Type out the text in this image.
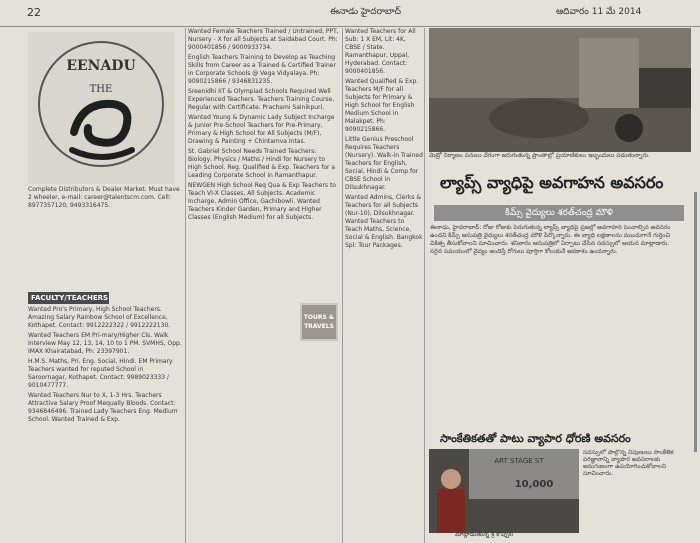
22	ఈనాడు హైదరాబాద్	ఆదివారం 11 మే 2014
EENADU
THE

Complete Distributors & Dealer Market. Must have 2 wheeler, e-mail: career@talentscm.com. Cell: 8977357120, 9493316475.

FACULTY/TEACHERS

Wanted Pro's Primary, High School Teachers. Amazing Salary Rainbow School of Excellence, Kothapet. Contact: 9912222322 / 9912222130.

Wanted Teachers EM Pri-mary/Higher Cls. Walk Interview May 12, 13, 14, 10 to 1 PM. SVMHS, Opp. IMAX Khairatabad, Ph: 23397901.

H.M.S. Maths, Pri. Eng. Social, Hindi. EM Primary Teachers wanted for reputed School in Saroornagar, Kothapet. Contact: 9989023333 / 9010477777.

Wanted Teachers Nur to X, 1-3 Hrs. Teachers Attractive Salary Proof Mequally Bloods. Contact: 9346846496. Trained Lady Teachers Eng. Medium School. Wanted Trained & Exp.

Wanted Female Teachers Trained / Untrained, PPT, Nursery - X for all Subjects at Saidabad Court. Ph: 9000401856 / 9000933734.

English Teachers Training to Develop as Teaching Skills from Career as a Trained & Certified Trainer in Corporate Schools @ Vega Vidyalaya. Ph: 9090215866 / 9346831235.

Sreenidhi IIT & Olympiad Schools Required Well Experienced Teachers. Teachers Training Course, Regular with Certificate. Prachami Sainikpuri.

Wanted Young & Dynamic Lady Subject Incharge & Junior Pre-School Teachers for Pre-Primary, Primary & High School for All Subjects (M/F), Drawing & Painting + Chintamva Intas.

St. Gabriel School Needs Trained Teachers: Biology, Physics / Maths / Hindi for Nursery to High School. Reg. Qualified & Exp. Teachers for a Leading Corporate School in Ramanthapur.

NEWGEN High School Req Qua & Exp Teachers to Teach VI-X Classes, All Subjects. Academic Incharge, Admin Office, Gachibowli. Wanted Teachers Kinder Garden, Primary and Higher Classes (English Medium) for all Subjects.

TOURS &
TRAVELS

Wanted Teachers for All Sub: 1 X EM, Lit: 4K, CBSE / State. Ramanthapur, Uppal, Hyderabad. Contact: 9000401856.

Wanted Qualified & Exp. Teachers M/F for all Subjects for Primary & High School for English Medium School in Malakpet. Ph: 9090215866.

Little Genius Preschool Requires Teachers (Nursery). Walk-in Trained Teachers for English, Social, Hindi & Comp for CBSE School in Dilsukhnagar.

Wanted Admins, Clerks & Teachers for all Subjects (Nur-10), Dilsukhnagar. Wanted Teachers to Teach Maths, Science, Social & English. Bangkok Spl: Tour Packages.

మెట్రో నిర్మాణం పనులు వేగంగా జరుగుతున్న ప్రాంతాల్లో ప్రయాణికులు ఇబ్బందులు పడుతున్నారు.
ల్యాప్స్ వ్యాధిపై అవగాహన అవసరం
కిమ్స్ వైద్యులు శరత్‌చంద్ర మౌళి
ఈనాడు, హైదరాబాద్: రోజు రోజుకు పెరుగుతున్న ల్యాప్స్ వ్యాధిపై ప్రజల్లో అవగాహన పెంచాల్సిన అవసరం ఉందని కిమ్స్ ఆసుపత్రి వైద్యులు శరత్‌చంద్ర మౌళి పేర్కొన్నారు. ఈ వ్యాధి లక్షణాలను ముందుగానే గుర్తించి చికిత్స తీసుకోవాలని సూచించారు. శనివారం ఆసుపత్రిలో ఏర్పాటు చేసిన సదస్సులో ఆయన మాట్లాడారు. సరైన సమయంలో వైద్యం అందిస్తే రోగులు పూర్తిగా కోలుకునే అవకాశం ఉందన్నారు.
సాంకేతికతతో పాటు వ్యాపార ధోరణి అవసరం
ART STAGE ST
10,000
మాట్లాడుతున్న శ్రీ కొప్పుల
సదస్సులో పాల్గొన్న నిపుణులు సాంకేతిక పరిజ్ఞానాన్ని వ్యాపార అవసరాలకు అనుగుణంగా ఉపయోగించుకోవాలని సూచించారు.
